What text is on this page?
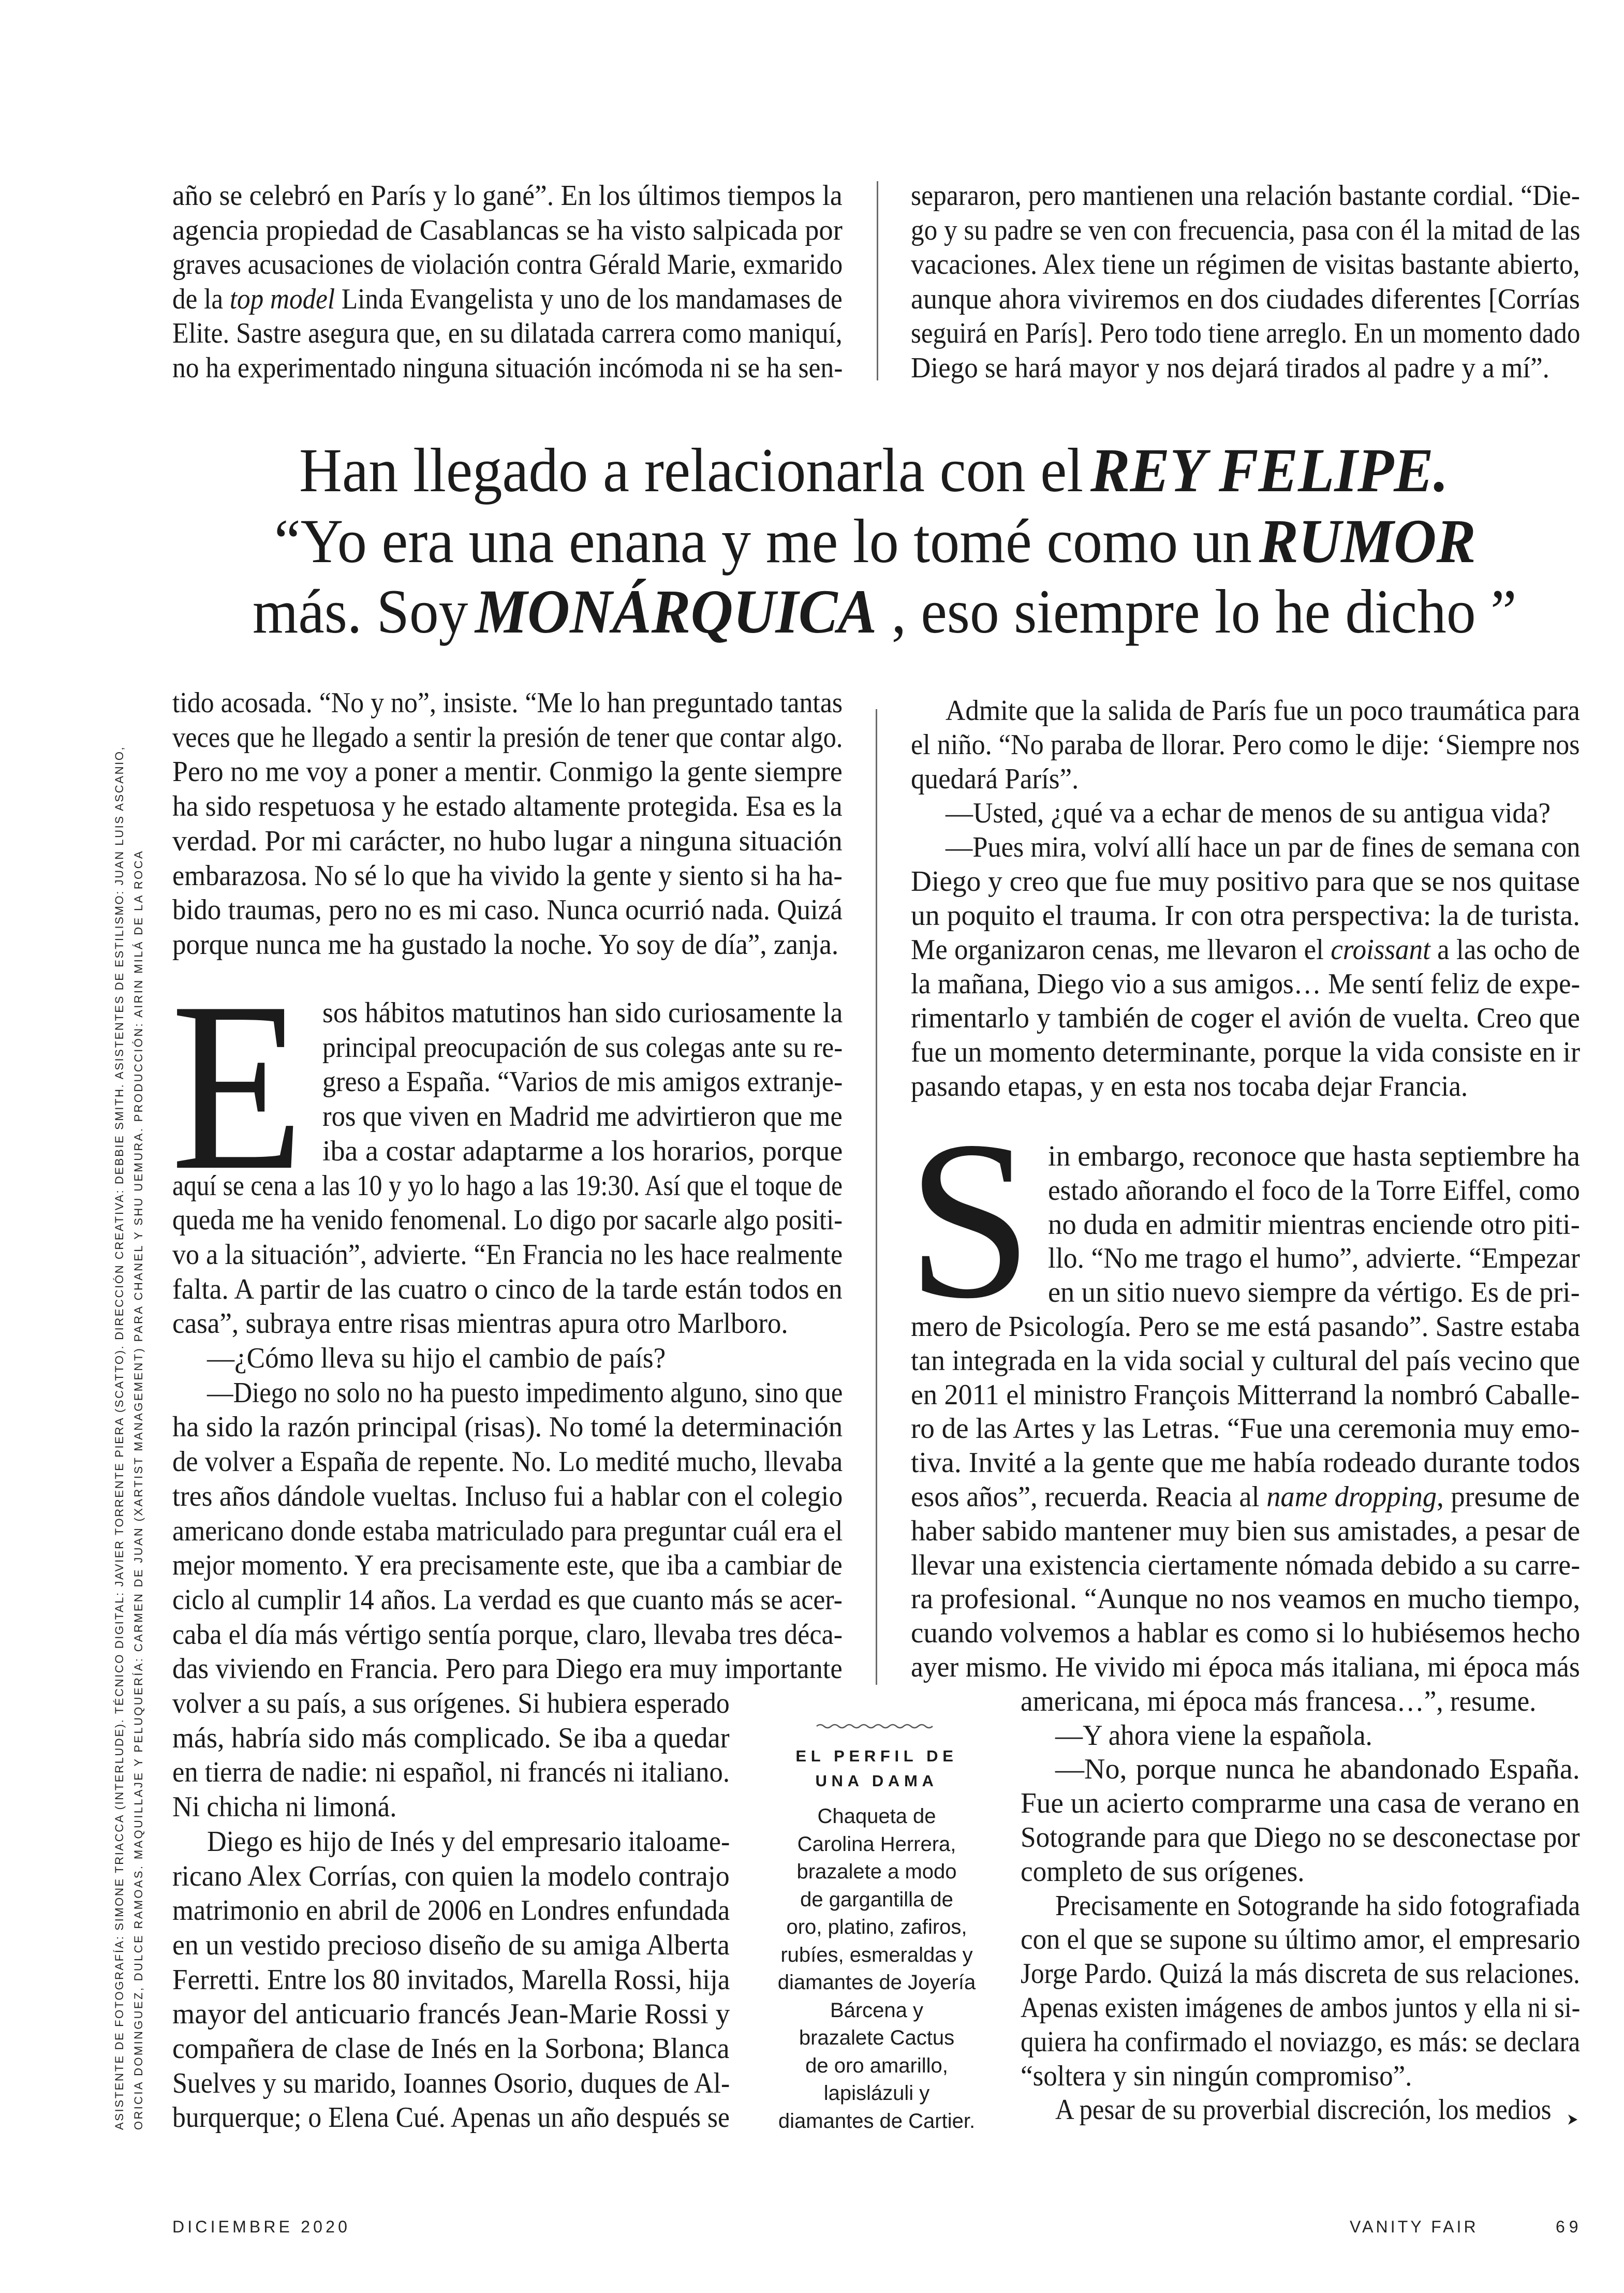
año se celebró en París y lo gané”. En los últimos tiempos la
agencia propiedad de Casablancas se ha visto salpicada por
graves acusaciones de violación contra Gérald Marie, exmarido
de la top model Linda Evangelista y uno de los mandamases de
Elite. Sastre asegura que, en su dilatada carrera como maniquí,
no ha experimentado ninguna situación incómoda ni se ha sen-
separaron, pero mantienen una relación bastante cordial. “Die-
go y su padre se ven con frecuencia, pasa con él la mitad de las
vacaciones. Alex tiene un régimen de visitas bastante abierto,
aunque ahora viviremos en dos ciudades diferentes [Corrías
seguirá en París]. Pero todo tiene arreglo. En un momento dado
Diego se hará mayor y nos dejará tirados al padre y a mí”.
tido acosada. “No y no”, insiste. “Me lo han preguntado tantas
veces que he llegado a sentir la presión de tener que contar algo.
Pero no me voy a poner a mentir. Conmigo la gente siempre
ha sido respetuosa y he estado altamente protegida. Esa es la
verdad. Por mi carácter, no hubo lugar a ninguna situación
embarazosa. No sé lo que ha vivido la gente y siento si ha ha-
bido traumas, pero no es mi caso. Nunca ocurrió nada. Quizá
porque nunca me ha gustado la noche. Yo soy de día”, zanja.
sos hábitos matutinos han sido curiosamente la
principal preocupación de sus colegas ante su re-
greso a España. “Varios de mis amigos extranje-
ros que viven en Madrid me advirtieron que me
iba a costar adaptarme a los horarios, porque
aquí se cena a las 10 y yo lo hago a las 19:30. Así que el toque de
queda me ha venido fenomenal. Lo digo por sacarle algo positi-
vo a la situación”, advierte. “En Francia no les hace realmente
falta. A partir de las cuatro o cinco de la tarde están todos en
casa”, subraya entre risas mientras apura otro Marlboro.
—¿Cómo lleva su hijo el cambio de país?
—Diego no solo no ha puesto impedimento alguno, sino que
ha sido la razón principal (risas). No tomé la determinación
de volver a España de repente. No. Lo medité mucho, llevaba
tres años dándole vueltas. Incluso fui a hablar con el colegio
americano donde estaba matriculado para preguntar cuál era el
mejor momento. Y era precisamente este, que iba a cambiar de
ciclo al cumplir 14 años. La verdad es que cuanto más se acer-
caba el día más vértigo sentía porque, claro, llevaba tres déca-
das viviendo en Francia. Pero para Diego era muy importante
volver a su país, a sus orígenes. Si hubiera esperado
más, habría sido más complicado. Se iba a quedar
en tierra de nadie: ni español, ni francés ni italiano.
Ni chicha ni limoná.
Diego es hijo de Inés y del empresario italoame-
ricano Alex Corrías, con quien la modelo contrajo
matrimonio en abril de 2006 en Londres enfundada
en un vestido precioso diseño de su amiga Alberta
Ferretti. Entre los 80 invitados, Marella Rossi, hija
mayor del anticuario francés Jean-Marie Rossi y
compañera de clase de Inés en la Sorbona; Blanca
Suelves y su marido, Ioannes Osorio, duques de Al-
burquerque; o Elena Cué. Apenas un año después se
Admite que la salida de París fue un poco traumática para
el niño. “No paraba de llorar. Pero como le dije: ‘Siempre nos
quedará París”.
—Usted, ¿qué va a echar de menos de su antigua vida?
—Pues mira, volví allí hace un par de fines de semana con
Diego y creo que fue muy positivo para que se nos quitase
un poquito el trauma. Ir con otra perspectiva: la de turista.
Me organizaron cenas, me llevaron el croissant a las ocho de
la mañana, Diego vio a sus amigos… Me sentí feliz de expe-
rimentarlo y también de coger el avión de vuelta. Creo que
fue un momento determinante, porque la vida consiste en ir
pasando etapas, y en esta nos tocaba dejar Francia.
in embargo, reconoce que hasta septiembre ha
estado añorando el foco de la Torre Eiffel, como
no duda en admitir mientras enciende otro piti-
llo. “No me trago el humo”, advierte. “Empezar
en un sitio nuevo siempre da vértigo. Es de pri-
mero de Psicología. Pero se me está pasando”. Sastre estaba
tan integrada en la vida social y cultural del país vecino que
en 2011 el ministro François Mitterrand la nombró Caballe-
ro de las Artes y las Letras. “Fue una ceremonia muy emo-
tiva. Invité a la gente que me había rodeado durante todos
esos años”, recuerda. Reacia al name dropping, presume de
haber sabido mantener muy bien sus amistades, a pesar de
llevar una existencia ciertamente nómada debido a su carre-
ra profesional. “Aunque no nos veamos en mucho tiempo,
cuando volvemos a hablar es como si lo hubiésemos hecho
ayer mismo. He vivido mi época más italiana, mi época más
americana, mi época más francesa…”, resume.
—Y ahora viene la española.
—No, porque nunca he abandonado España.
Fue un acierto comprarme una casa de verano en
Sotogrande para que Diego no se desconectase por
completo de sus orígenes.
Precisamente en Sotogrande ha sido fotografiada
con el que se supone su último amor, el empresario
Jorge Pardo. Quizá la más discreta de sus relaciones.
Apenas existen imágenes de ambos juntos y ella ni si-
quiera ha confirmado el noviazgo, es más: se declara
“soltera y sin ningún compromiso”.
A pesar de su proverbial discreción, los medios
Han llegado a relacionarla con el REY FELIPE.
“Yo era una enana y me lo tomé como un RUMOR
más. Soy MONÁRQUICA , eso siempre lo he dicho ”
E	S
EL PERFIL DE
UNA DAMA
Chaqueta de
Carolina Herrera,
brazalete a modo
de gargantilla de
oro, platino, zafiros,
rubíes, esmeraldas y
diamantes de Joyería
Bárcena y
brazalete Cactus
de oro amarillo,
lapislázuli y
diamantes de Cartier.
ASISTENTE DE FOTOGRAFÍA: SIMONE TRIACCA (INTERLUDE). TÉCNICO DIGITAL: JAVIER TORRENTE PIERA (SCATTO). DIRECCIÓN CREATIVA: DEBBIE SMITH. ASISTENTES DE ESTILISMO: JUAN LUIS ASCANIO, ORICIA DOMINGUEZ, DULCE RAMOAS. MAQUILLAJE Y PELUQUERÍA: CARMEN DE JUAN (XARTIST MANAGEMENT) PARA CHANEL Y SHU UEMURA. PRODUCCIÓN: AIRIN MILÁ DE LA ROCA
DICIEMBRE 2020	VANITY FAIR	69
